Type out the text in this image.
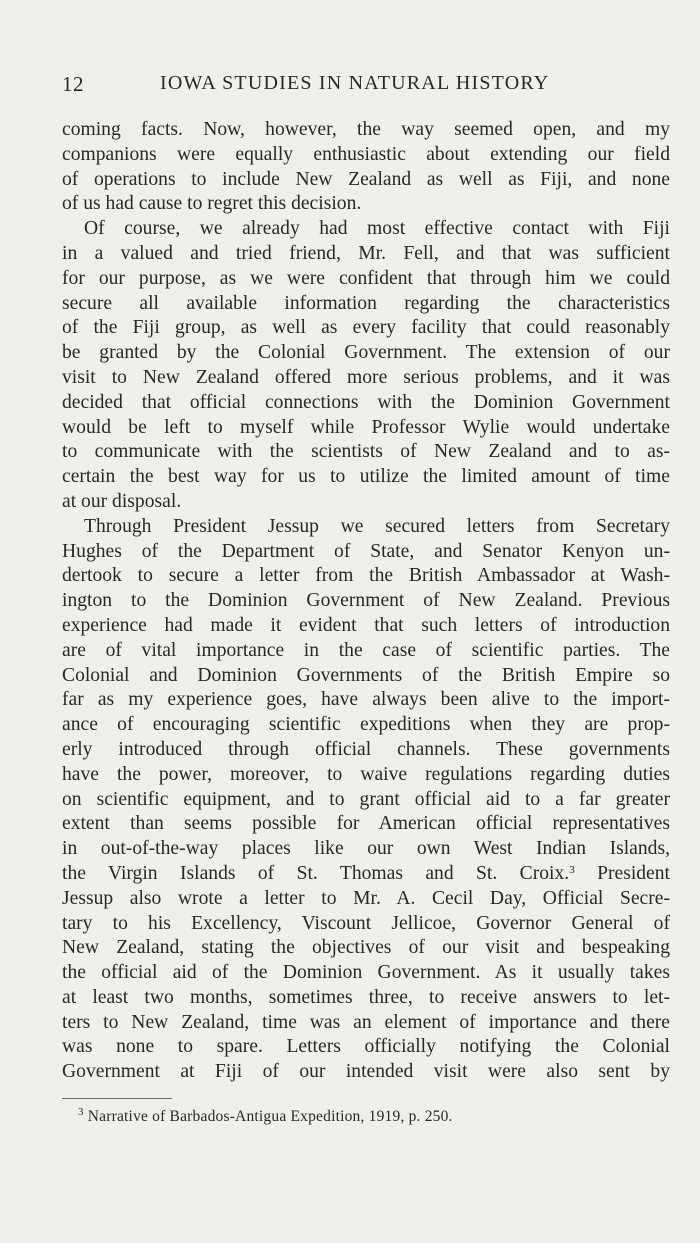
12	IOWA STUDIES IN NATURAL HISTORY
coming facts. Now, however, the way seemed open, and my
companions were equally enthusiastic about extending our field
of operations to include New Zealand as well as Fiji, and none
of us had cause to regret this decision.
Of course, we already had most effective contact with Fiji
in a valued and tried friend, Mr. Fell, and that was sufficient
for our purpose, as we were confident that through him we could
secure all available information regarding the characteristics
of the Fiji group, as well as every facility that could reasonably
be granted by the Colonial Government. The extension of our
visit to New Zealand offered more serious problems, and it was
decided that official connections with the Dominion Government
would be left to myself while Professor Wylie would undertake
to communicate with the scientists of New Zealand and to as-
certain the best way for us to utilize the limited amount of time
at our disposal.
Through President Jessup we secured letters from Secretary
Hughes of the Department of State, and Senator Kenyon un-
dertook to secure a letter from the British Ambassador at Wash-
ington to the Dominion Government of New Zealand. Previous
experience had made it evident that such letters of introduction
are of vital importance in the case of scientific parties. The
Colonial and Dominion Governments of the British Empire so
far as my experience goes, have always been alive to the import-
ance of encouraging scientific expeditions when they are prop-
erly introduced through official channels. These governments
have the power, moreover, to waive regulations regarding duties
on scientific equipment, and to grant official aid to a far greater
extent than seems possible for American official representatives
in out-of-the-way places like our own West Indian Islands,
the Virgin Islands of St. Thomas and St. Croix.$^3$ President
Jessup also wrote a letter to Mr. A. Cecil Day, Official Secre-
tary to his Excellency, Viscount Jellicoe, Governor General of
New Zealand, stating the objectives of our visit and bespeaking
the official aid of the Dominion Government. As it usually takes
at least two months, sometimes three, to receive answers to let-
ters to New Zealand, time was an element of importance and there
was none to spare. Letters officially notifying the Colonial
Government at Fiji of our intended visit were also sent by
$^3$ Narrative of Barbados-Antigua Expedition, 1919, p. 250.
